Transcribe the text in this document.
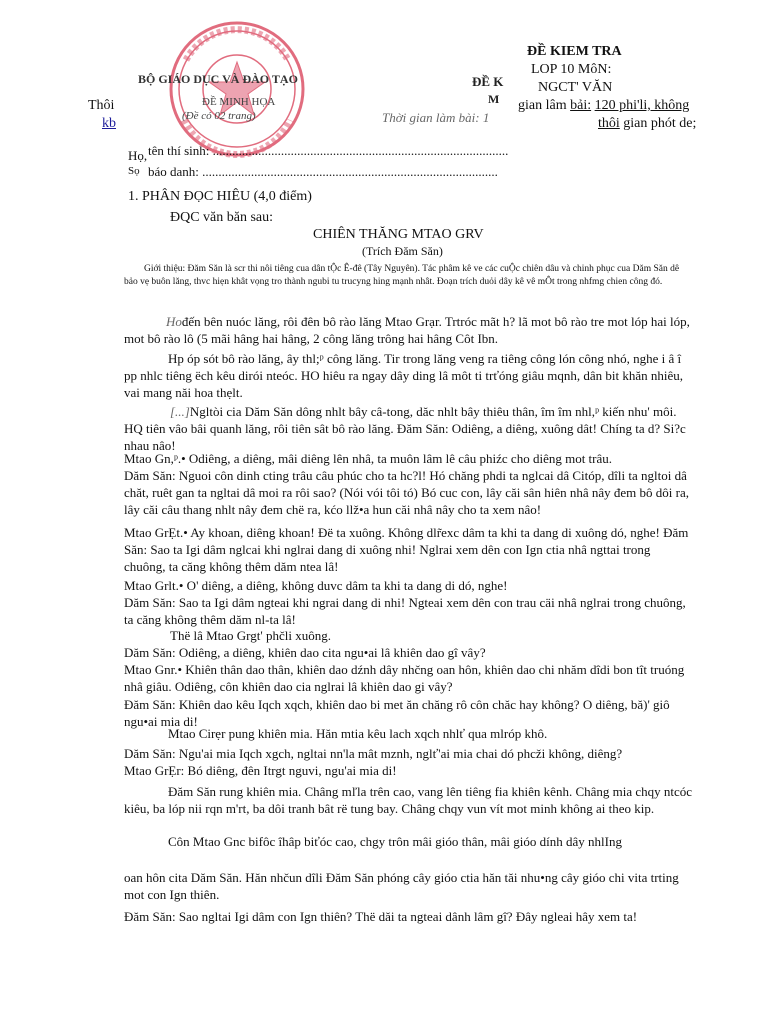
ĐỀ KIEM TRA
LOP 10 MôN:
NGCT' VĂN
BỘ GIÁO DỤC VÀ ĐÀO TẠO
ĐỀ MINH HỌA
(Đề có 02 trang)
ĐỀ K
M
Thời gian làm bài: 1
Thôi
kb
gian lâm bải: 120 phi'li, không
thôi gian phót de;
Họ, tên thí sinh: ...........................................................................................
Sọ báo danh: ...........................................................................................
1. PHÂN ĐỌC HIÊU (4,0 điểm)
ĐQC văn băn sau:
CHIÊN THĂNG MTAO GRV
(Trích Đăm Săn)
Giới thiệu: Đăm Săn là scr thi nôi tiêng cua dân tỘc Ê-đê (Tây Nguyên). Tác phâm kê ve các cuỘc chiên dâu và chinh phục cua Dăm Săn dê bảo vẹ buôn lăng, thvc hiẹn khât vọng tro thành ngubi tu trucyng hing mạnh nhât. Đoạn trích duỏi dây kê vê mÔt trong nhfmg chien công đó.
Hođến bên nuóc lăng, rôi đên bô rào lăng Mtao Grạr. Trtróc mãt h? lã mot bô rào tre mot lóp hai lóp, mot bô rào lô (5 mãi hâng hai hâng, 2 công lăng trông hai hâng Côt Ibn.
Hp óp sót bô rào lăng, ây thl;ᵖ công lăng. Tir trong lăng veng ra tiêng công lón công nhó, nghe i â î pp nhlc tiêng ëch kêu dirói nteóc. HO hiêu ra ngay dây ding lâ môt ti trťóng giâu mqnh, dân bit khăn nhiêu, vai mang năi hoa thẹlt.
[...]Ngltòi cia Dăm Săn dông nhlt bây câ-tong, dăc nhlt bây thiêu thân, îm îm nhl,ᵖ kiến nhu' môi. HQ tiên vâo bâi quanh lăng, rôi tiên sât bô rào lăng. Đăm Săn: Odiêng, a diêng, xuông dât! Chíng ta d? Si?c nhau nâo!
Mtao Gn,ᵖ.• Odiêng, a diêng, mâi diêng lên nhâ, ta muôn lâm lê câu phiźc cho diêng mot trâu.
Dăm Săn: Nguoi côn dinh cting trâu câu phúc cho ta hc?l! Hó chăng phdi ta nglcai dâ Citóp, dîli ta ngltoi dâ chăt, ruêt gan ta ngltai dâ moi ra rôi sao? (Nói vói tôi tó) Bó cuc con, lây căi sân hiên nhâ nây đem bô dôi ra, lây căi câu thang nhlt nây đem chë ra, kćo llž•a hun căi nhâ nây cho ta xem nâo!
Mtao GrẸt.• Ay khoan, diêng khoan! Đë ta xuông. Không dlr̃exc dâm ta khi ta dang di xuông dó, nghe! Đăm Săn: Sao ta Igi dâm nglcai khi nglrai dang di xuông nhi! Nglrai xem dên con Ign ctia nhâ ngttai trong chuông, ta căng không thêm dăm ntea lâ!
Mtao Grlt.• O' diêng, a diêng, không duvc dâm ta khi ta dang di dó, nghe!
Dăm Săn: Sao ta Igi dâm ngteai khi ngrai dang di nhi! Ngteai xem dên con trau cäi nhâ nglrai trong chuông, ta căng không thêm dăm nl-ta lâ!
Thë lâ Mtao Grgt' phčli xuông.
Dăm Săn: Odiêng, a diêng, khiên dao cita ngu•ai lâ khiên dao gî vây?
Mtao Gnr.• Khiên thân dao thân, khiên dao dźnh dây nhčng oan hôn, khiên dao chi nhăm dîdi bon tît truóng nhâ giâu. Odiêng, côn khiên dao cia nglrai lâ khiên dao gi vây?
Đăm Săn: Khiên dao kêu Iqch xqch, khiên dao bi met ăn chăng rô côn chăc hay không? O diêng, bă)' giô ngu•ai mia di!
Mtao Cirẹr pung khiên mia. Hăn mtia kêu lach xqch nhlť qua mlróp khô.
Dăm Săn: Ngu'ai mia Iqch xgch, ngltai nn'la mât mznh, nglť'ai mia chai dó phcži không, diêng?
Mtao GrẸr: Bó diêng, đên Itrgt nguvi, ngu'ai mia di!
Đăm Săn rung khiên mia. Châng mľla trên cao, vang lên tiêng fia khiên kênh. Châng mia chqy ntcóc kiêu, ba lóp nii rqn m'rt, ba dôi tranh bât rë tung bay. Châng chqy vun vít mot minh không ai theo kip.
Côn Mtao Gnc bifôc îhâp biťóc cao, chgy trôn mâi gióo thân, mâi gióo dính dây nhlIng
oan hôn cita Dăm Săn. Hăn nhčun dîli Đăm Săn phóng cây gióo ctia hăn tăi nhu•ng cây gióo chi vita trting mot con Ign thiên.
Đăm Săn: Sao ngltai Igi dâm con Ign thiên? Thë dăi ta ngteai dânh lâm gî? Đây ngleai hây xem ta!
